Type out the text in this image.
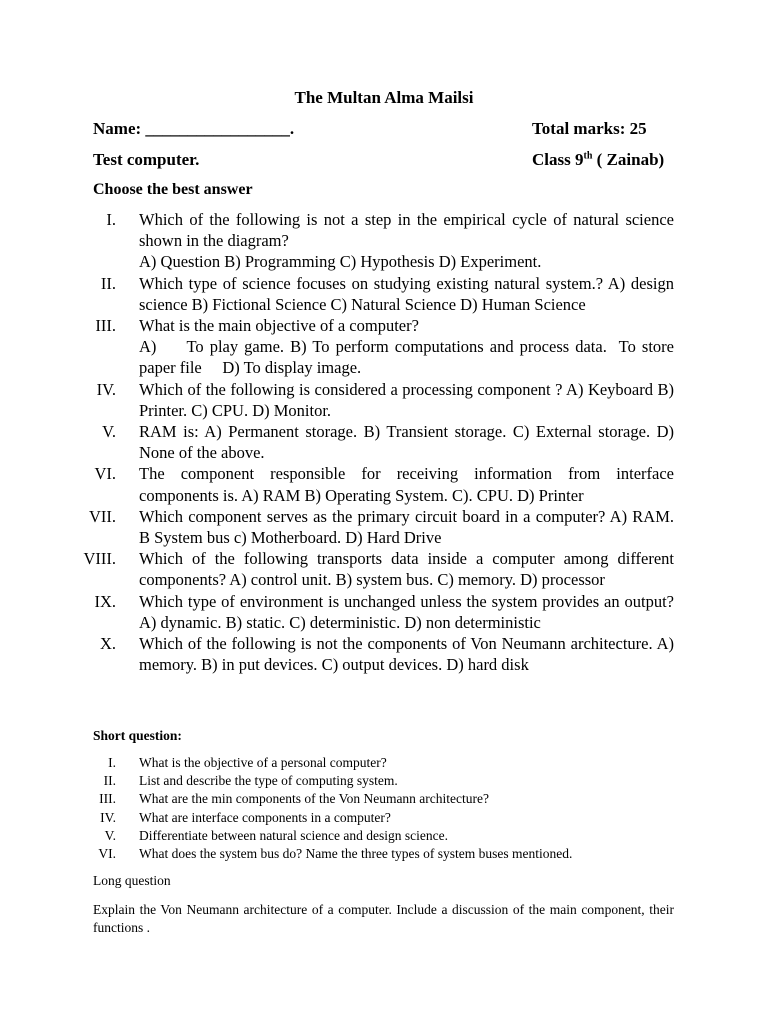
The Multan Alma Mailsi
Name: _________________.	Total marks: 25
Test computer.	Class 9th ( Zainab)
Choose the best answer
I. Which of the following is not a step in the empirical cycle of natural science shown in the diagram?
A) Question B) Programming C) Hypothesis D) Experiment.
II. Which type of science focuses on studying existing natural system.? A) design science B) Fictional Science C) Natural Science D) Human Science
III. What is the main objective of a computer?
A)     To play game. B) To perform computations and process data.  To store paper file     D) To display image.
IV. Which of the following is considered a processing component ? A) Keyboard B) Printer. C) CPU. D) Monitor.
V. RAM is: A) Permanent storage. B) Transient storage. C) External storage. D) None of the above.
VI. The component responsible for receiving information from interface components is. A) RAM B) Operating System. C). CPU. D) Printer
VII. Which component serves as the primary circuit board in a computer? A) RAM. B System bus c) Motherboard. D) Hard Drive
VIII. Which of the following transports data inside a computer among different components? A) control unit. B) system bus. C) memory. D) processor
IX. Which type of environment is unchanged unless the system provides an output? A) dynamic. B) static. C) deterministic. D) non deterministic
X. Which of the following is not the components of Von Neumann architecture. A) memory. B) in put devices. C) output devices. D) hard disk
Short question:
I. What is the objective of a personal computer?
II. List and describe the type of computing system.
III. What are the min components of the Von Neumann architecture?
IV. What are interface components in a computer?
V. Differentiate between natural science and design science.
VI. What does the system bus do? Name the three types of system buses mentioned.
Long question

Explain the Von Neumann architecture of a computer. Include a discussion of the main component, their functions .
